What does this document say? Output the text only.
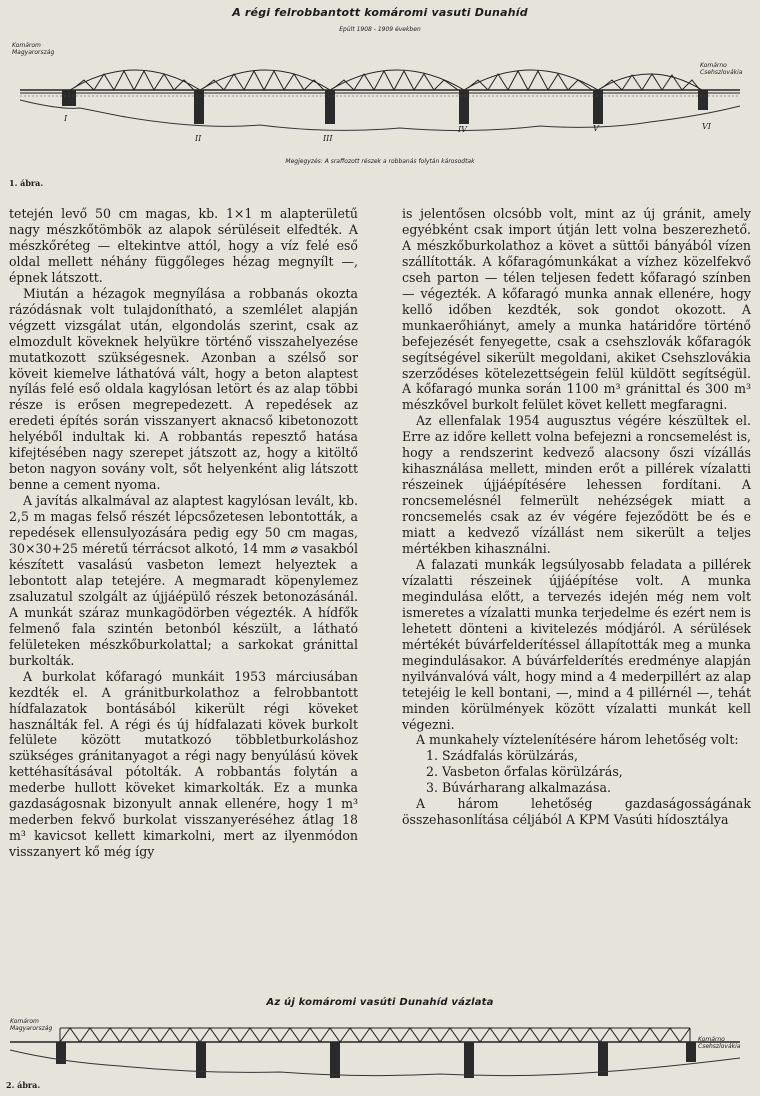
A régi felrobbantott komáromi vasuti Dunahíd
Epült 1908 - 1909 években
Komárom
Magyarország
Komárno
Csehszlovákia
I
II	III
IV	V	VI
Megjegyzés: A sraffozott részek a robbanás folytán károsodtak
1. ábra.

tetején levő 50 cm magas, kb. 1×1 m alapterületű nagy mészkőtömbök az alapok sérüléseit elfedték. A mészkőréteg — eltekintve attól, hogy a víz felé eső oldal mellett néhány függőleges hézag megnyílt —, épnek látszott.

Miután a hézagok megnyílása a robbanás okozta rázódásnak volt tulajdonítható, a szemlélet alapján végzett vizsgálat után, elgondolás szerint, csak az elmozdult köveknek helyükre történő visszahelyezése mutatkozott szükségesnek. Azonban a szélső sor köveit kiemelve láthatóvá vált, hogy a beton alaptest nyílás felé eső oldala kagylósan letört és az alap többi része is erősen megrepedezett. A repedések az eredeti építés során visszanyert aknacső kibetonozott helyéből indultak ki. A robbantás repesztő hatása kifejtésében nagy szerepet játszott az, hogy a kitöltő beton nagyon sovány volt, sőt helyenként alig látszott benne a cement nyoma.

A javítás alkalmával az alaptest kagylósan levált, kb. 2,5 m magas felső részét lépcsőzetesen lebontották, a repedések ellensulyozására pedig egy 50 cm magas, 30×30+25 méretű térrácsot alkotó, 14 mm ⌀ vasakból készített vasalású vasbeton lemezt helyeztek a lebontott alap tetejére. A megmaradt köpenylemez zsaluzatul szolgált az újjáépülő részek betonozásánál. A munkát száraz munkagödörben végezték. A hídfők felmenő fala szintén betonból készült, a látható felületeken mészkőburkolattal; a sarkokat gránittal burkolták.

A burkolat kőfaragó munkáit 1953 márciusában kezdték el. A gránitburkolathoz a felrobbantott hídfalazatok bontásából kikerült régi köveket használták fel. A régi és új hídfalazati kövek burkolt felülete között mutatkozó többletburkoláshoz szükséges gránitanyagot a régi nagy benyúlású kövek kettéhasításával pótolták. A robbantás folytán a mederbe hullott köveket kimarkolták. Ez a munka gazdaságosnak bizonyult annak ellenére, hogy 1 m³ mederben fekvő burkolat visszanyeréséhez átlag 18 m³ kavicsot kellett kimarkolni, mert az ilyenmódon visszanyert kő még így

is jelentősen olcsóbb volt, mint az új gránit, amely egyébként csak import útján lett volna beszerezhető. A mészkőburkolathoz a követ a süttői bányából vízen szállították. A kőfaragómunkákat a vízhez közelfekvő cseh parton — télen teljesen fedett kőfaragó színben — végezték. A kőfaragó munka annak ellenére, hogy kellő időben kezdték, sok gondot okozott. A munkaerőhiányt, amely a munka határidőre történő befejezését fenyegette, csak a csehszlovák kőfaragók segítségével sikerült megoldani, akiket Csehszlovákia szerződéses kötelezettségein felül küldött segítségül. A kőfaragó munka során 1100 m³ gránittal és 300 m³ mészkővel burkolt felület követ kellett megfaragni.

Az ellenfalak 1954 augusztus végére készültek el. Erre az időre kellett volna befejezni a roncsemelést is, hogy a rendszerint kedvező alacsony őszi vízállás kihasználása mellett, minden erőt a pillérek vízalatti részeinek újjáépítésére lehessen fordítani. A roncsemelésnél felmerült nehézségek miatt a roncsemelés csak az év végére fejeződött be és e miatt a kedvező vízállást nem sikerült a teljes mértékben kihasználni.

A falazati munkák legsúlyosabb feladata a pillérek vízalatti részeinek újjáépítése volt. A munka megindulása előtt, a tervezés idején még nem volt ismeretes a vízalatti munka terjedelme és ezért nem is lehetett dönteni a kivitelezés módjáról. A sérülések mértékét búvárfelderítéssel állapították meg a munka megindulásakor. A búvárfelderítés eredménye alapján nyilvánvalóvá vált, hogy mind a 4 mederpillért az alap tetejéig le kell bontani, —, mind a 4 pillérnél —, tehát minden körülmények között vízalatti munkát kell végezni.

A munkahely víztelenítésére három lehetőség volt:

1. Szádfalás körülzárás,

2. Vasbeton őrfalas körülzárás,

3. Búvárharang alkalmazása.

A három lehetőség gazdaságosságának összehasonlítása céljából A KPM Vasúti hídosztálya

Az új komáromi vasúti Dunahíd vázlata
Komárom
Magyarország
Komárno
Csehszlovákia
2. ábra.
